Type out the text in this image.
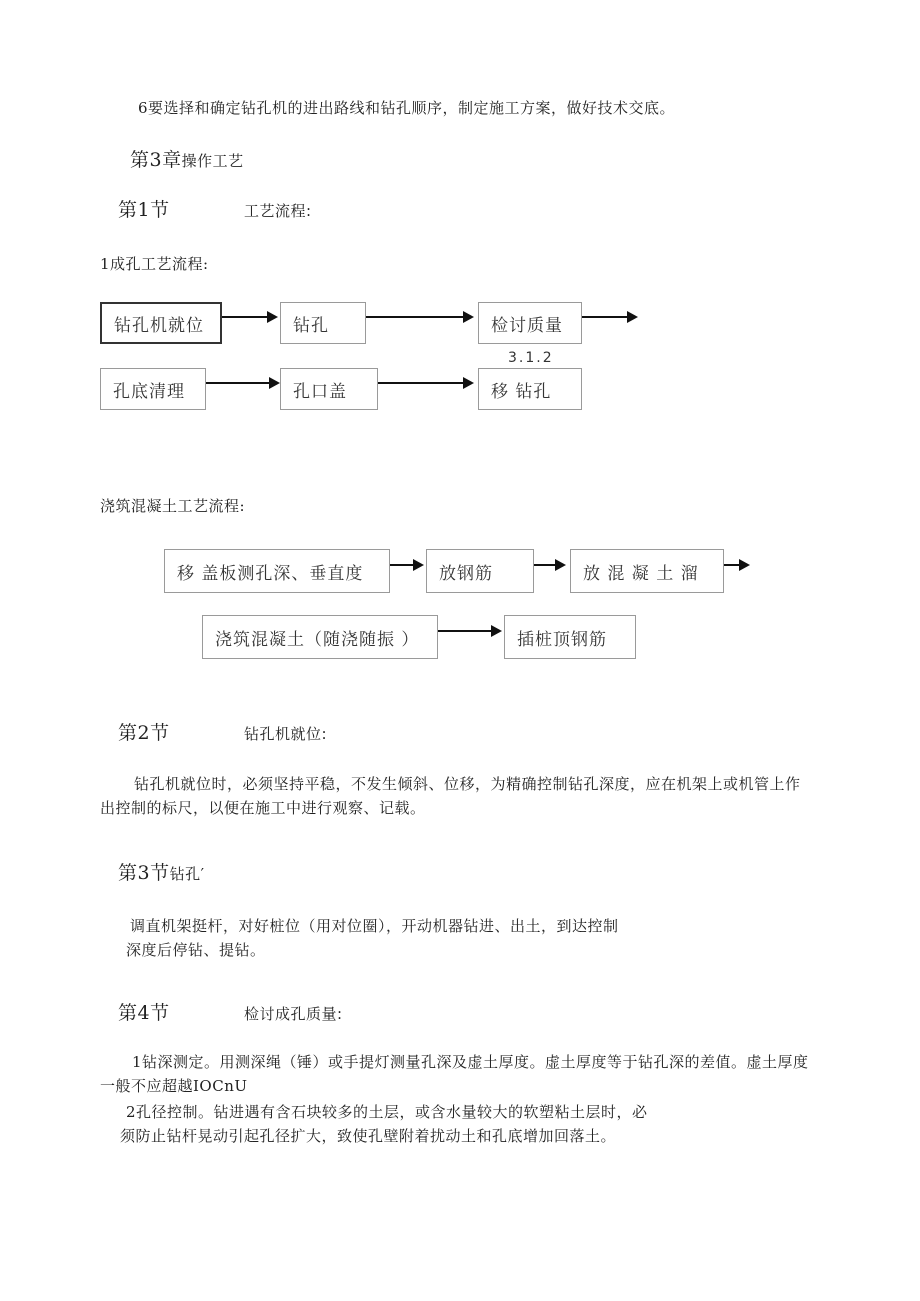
6要选择和确定钻孔机的进出路线和钻孔顺序，制定施工方案，做好技术交底。
第3章操作工艺
第1节	工艺流程:
1成孔工艺流程:
钻孔机就位	钻孔	检讨质量
3.1.2
孔底清理	孔口盖	移 钻孔
浇筑混凝土工艺流程:
移 盖板测孔深、垂直度	放钢筋	放 混 凝 土 溜
浇筑混凝土（随浇随振 ）	插桩顶钢筋
第2节	钻孔机就位:
钻孔机就位时，必须坚持平稳，不发生倾斜、位移，为精确控制钻孔深度，应在机架上或机管上作
出控制的标尺，以便在施工中进行观察、记载。
第3节钻孔′
调直机架挺杆，对好桩位（用对位圈），开动机器钻进、出土，到达控制
深度后停钻、提钻。
第4节	检讨成孔质量:
1钻深测定。用测深绳（锤）或手提灯测量孔深及虚土厚度。虚土厚度等于钻孔深的差值。虚土厚度
一般不应超越IOCnU
2孔径控制。钻进遇有含石块较多的土层，或含水量较大的软塑粘土层时，必
须防止钻杆晃动引起孔径扩大，致使孔壁附着扰动土和孔底增加回落土。
